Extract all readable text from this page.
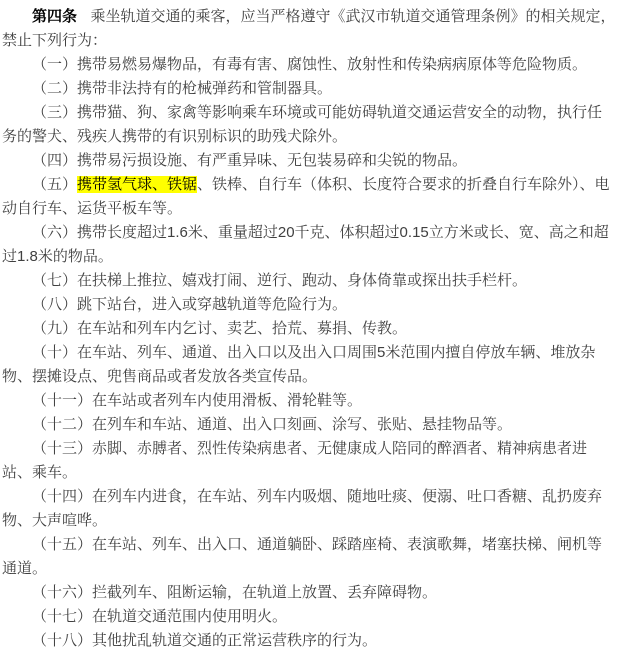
第四条 乘坐轨道交通的乘客，应当严格遵守《武汉市轨道交通管理条例》的相关规定，禁止下列行为：

（一）携带易燃易爆物品，有毒有害、腐蚀性、放射性和传染病病原体等危险物质。

（二）携带非法持有的枪械弹药和管制器具。

（三）携带猫、狗、家禽等影响乘车环境或可能妨碍轨道交通运营安全的动物，执行任务的警犬、残疾人携带的有识别标识的助残犬除外。

（四）携带易污损设施、有严重异味、无包装易碎和尖锐的物品。

（五）携带氢气球、铁锯、铁棒、自行车（体积、长度符合要求的折叠自行车除外）、电动自行车、运货平板车等。

（六）携带长度超过1.6米、重量超过20千克、体积超过0.15立方米或长、宽、高之和超过1.8米的物品。

（七）在扶梯上推拉、嬉戏打闹、逆行、跑动、身体倚靠或探出扶手栏杆。

（八）跳下站台，进入或穿越轨道等危险行为。

（九）在车站和列车内乞讨、卖艺、拾荒、募捐、传教。

（十）在车站、列车、通道、出入口以及出入口周围5米范围内擅自停放车辆、堆放杂物、摆摊设点、兜售商品或者发放各类宣传品。

（十一）在车站或者列车内使用滑板、滑轮鞋等。

（十二）在列车和车站、通道、出入口刻画、涂写、张贴、悬挂物品等。

（十三）赤脚、赤膊者、烈性传染病患者、无健康成人陪同的醉酒者、精神病患者进站、乘车。

（十四）在列车内进食，在车站、列车内吸烟、随地吐痰、便溺、吐口香糖、乱扔废弃物、大声喧哗。

（十五）在车站、列车、出入口、通道躺卧、踩踏座椅、表演歌舞，堵塞扶梯、闸机等通道。

（十六）拦截列车、阻断运输，在轨道上放置、丢弃障碍物。

（十七）在轨道交通范围内使用明火。

（十八）其他扰乱轨道交通的正常运营秩序的行为。
